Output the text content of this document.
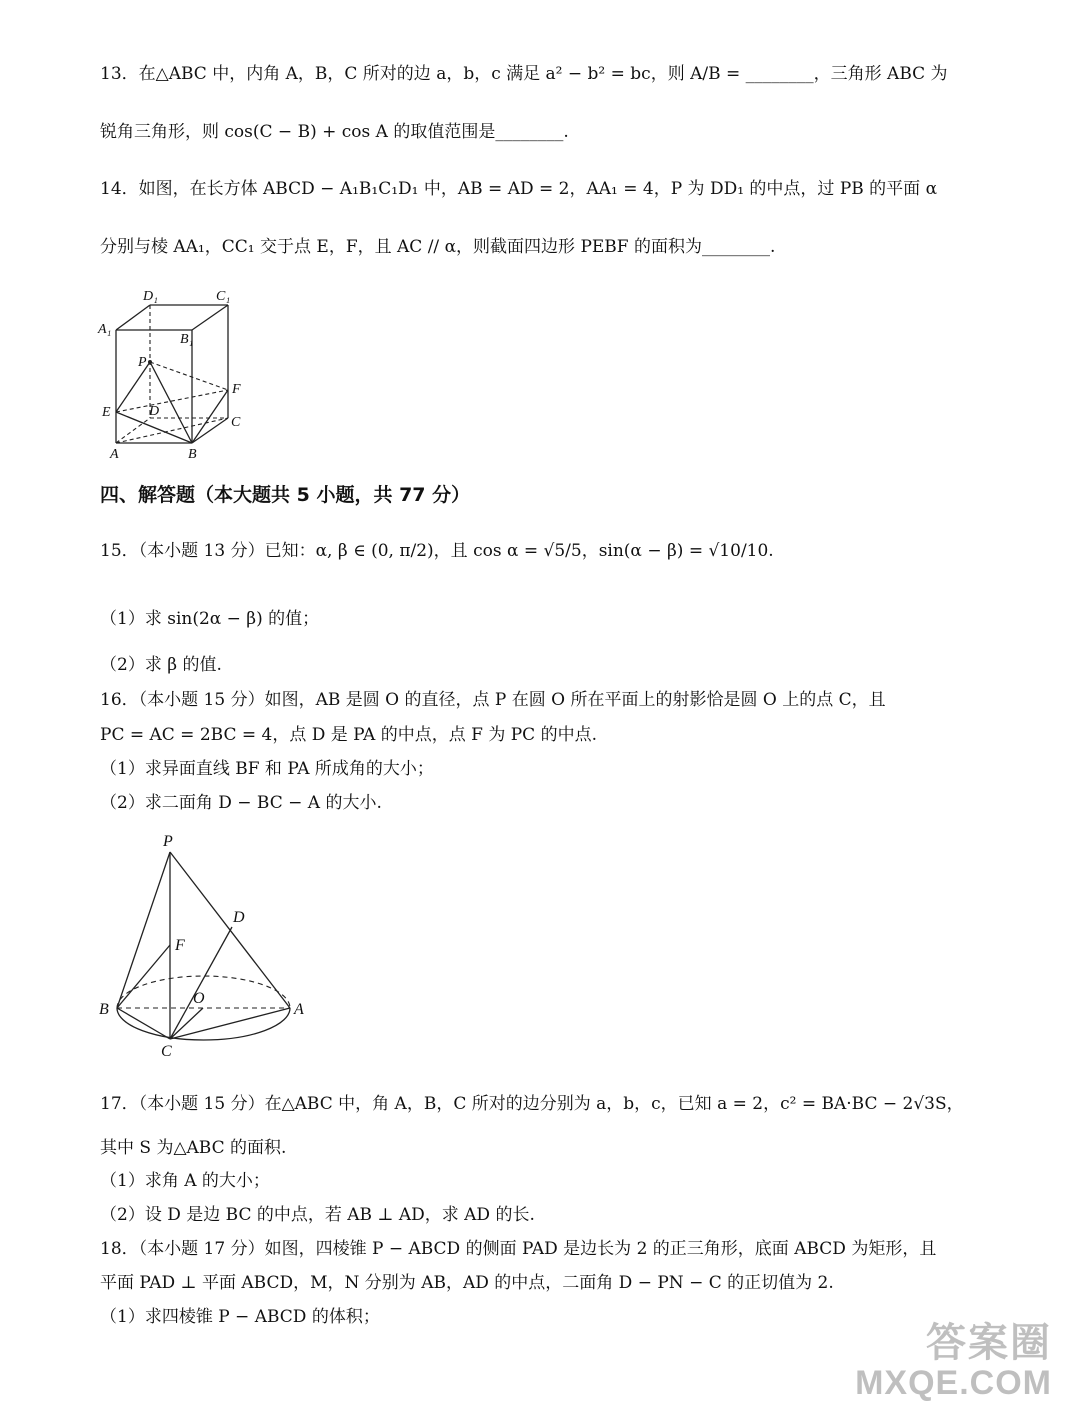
13．在△ABC 中，内角 A，B，C 所对的边 a，b，c 满足 a² − b² = bc，则 A/B = ________，三角形 ABC 为
锐角三角形，则 cos(C − B) + cos A 的取值范围是________.
14．如图，在长方体 ABCD − A₁B₁C₁D₁ 中，AB = AD = 2，AA₁ = 4，P 为 DD₁ 的中点，过 PB 的平面 α
分别与棱 AA₁，CC₁ 交于点 E，F，且 AC // α，则截面四边形 PEBF 的面积为________.
D₁	C₁
A₁
B₁
P
F
E	D
C
A	B
四、解答题（本大题共 5 小题，共 77 分）
15．（本小题 13 分）已知：α, β ∈ (0, π/2)，且 cos α = √5/5，sin(α − β) = √10/10.
（1）求 sin(2α − β) 的值；
（2）求 β 的值.
16．（本小题 15 分）如图，AB 是圆 O 的直径，点 P 在圆 O 所在平面上的射影恰是圆 O 上的点 C，且
PC = AC = 2BC = 4，点 D 是 PA 的中点，点 F 为 PC 的中点.
（1）求异面直线 BF 和 PA 所成角的大小；
（2）求二面角 D − BC − A 的大小.
P
D
F
O
B	A
C
17．（本小题 15 分）在△ABC 中，角 A，B，C 所对的边分别为 a，b，c，已知 a = 2，c² = BA·BC − 2√3S，
其中 S 为△ABC 的面积.
（1）求角 A 的大小；
（2）设 D 是边 BC 的中点，若 AB ⊥ AD，求 AD 的长.
18．（本小题 17 分）如图，四棱锥 P − ABCD 的侧面 PAD 是边长为 2 的正三角形，底面 ABCD 为矩形，且
平面 PAD ⊥ 平面 ABCD，M，N 分别为 AB，AD 的中点，二面角 D − PN − C 的正切值为 2.
（1）求四棱锥 P − ABCD 的体积；
答案圈
MXQE.COM
